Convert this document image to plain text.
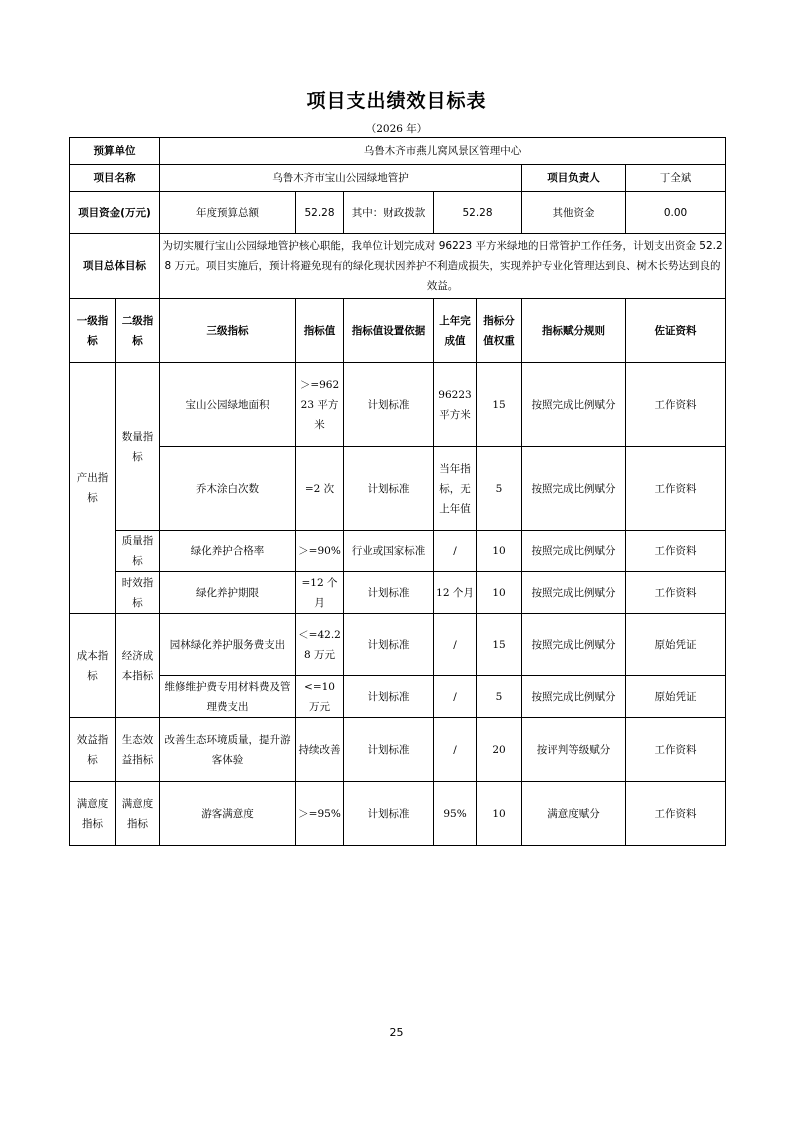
项目支出绩效目标表
（2026 年）
预算单位		乌鲁木齐市燕儿窝风景区管理中心						
项目名称		乌鲁木齐市宝山公园绿地管护					项目负责人	丁全斌
项目资金(万元)		年度预算总额	52.28	其中：财政拨款	52.28		其他资金	0.00
项目总体目标		为切实履行宝山公园绿地管护核心职能，我单位计划完成对 96223 平方米绿地的日常管护工作任务，计划支出资金 52.28 万元。项目实施后，预计将避免现有的绿化现状因养护不利造成损失，实现养护专业化管理达到良、树木长势达到良的效益。						
一级指标	二级指标	三级指标	指标值	指标值设置依据	上年完成值	指标分值权重	指标赋分规则	佐证资料
产出指标	数量指标	宝山公园绿地面积	＞=96223 平方米	计划标准	96223 平方米	15	按照完成比例赋分	工作资料
		乔木涂白次数	=2 次	计划标准	当年指标，无上年值	5	按照完成比例赋分	工作资料
	质量指标	绿化养护合格率	＞=90%	行业或国家标准	/	10	按照完成比例赋分	工作资料
	时效指标	绿化养护期限	=12 个月	计划标准	12 个月	10	按照完成比例赋分	工作资料
成本指标	经济成本指标	园林绿化养护服务费支出	＜=42.28 万元	计划标准	/	15	按照完成比例赋分	原始凭证
		维修维护费专用材料费及管理费支出	<=10 万元	计划标准	/	5	按照完成比例赋分	原始凭证
效益指标	生态效益指标	改善生态环境质量，提升游客体验	持续改善	计划标准	/	20	按评判等级赋分	工作资料
满意度指标	满意度指标	游客满意度	＞=95%	计划标准	95%	10	满意度赋分	工作资料
25
